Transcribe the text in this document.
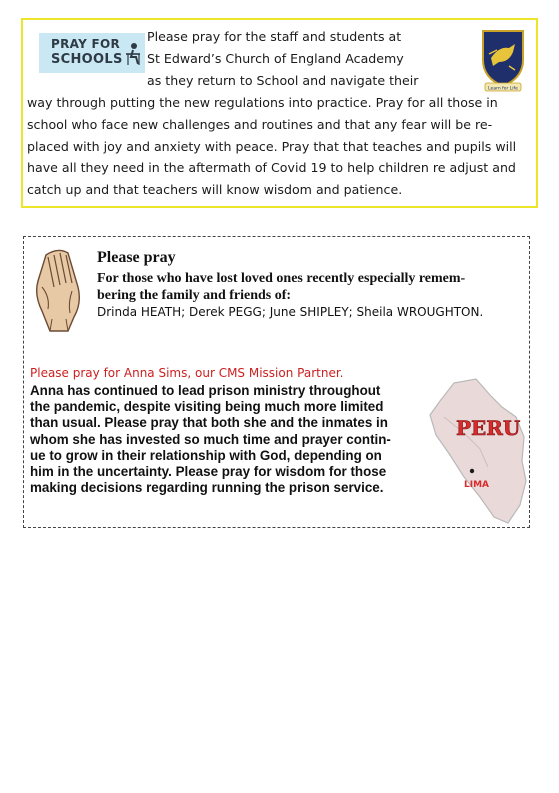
PRAY FOR
SCHOOLS
Please pray for the staff and students at
St Edward’s Church of England Academy
as they return to School and navigate their
way through putting the new regulations into practice. Pray for all those in
school who face new challenges and routines and that any fear will be re-
placed with joy and anxiety with peace. Pray that that teaches and pupils will
have all they need in the aftermath of Covid 19 to help children re adjust and
catch up and that teachers will know wisdom and patience.
Learn for Life
Please pray
For those who have lost loved ones recently especially remem-
bering the family and friends of:
Drinda HEATH; Derek PEGG; June SHIPLEY; Sheila WROUGHTON.
Please pray for Anna Sims, our CMS Mission Partner.
Anna has continued to lead prison ministry throughout
the pandemic, despite visiting being much more limited
than usual. Please pray that both she and the inmates in
whom she has invested so much time and prayer contin-
ue to grow in their relationship with God, depending on
him in the uncertainty. Please pray for wisdom for those
making decisions regarding running the prison service.
PERU
LIMA
